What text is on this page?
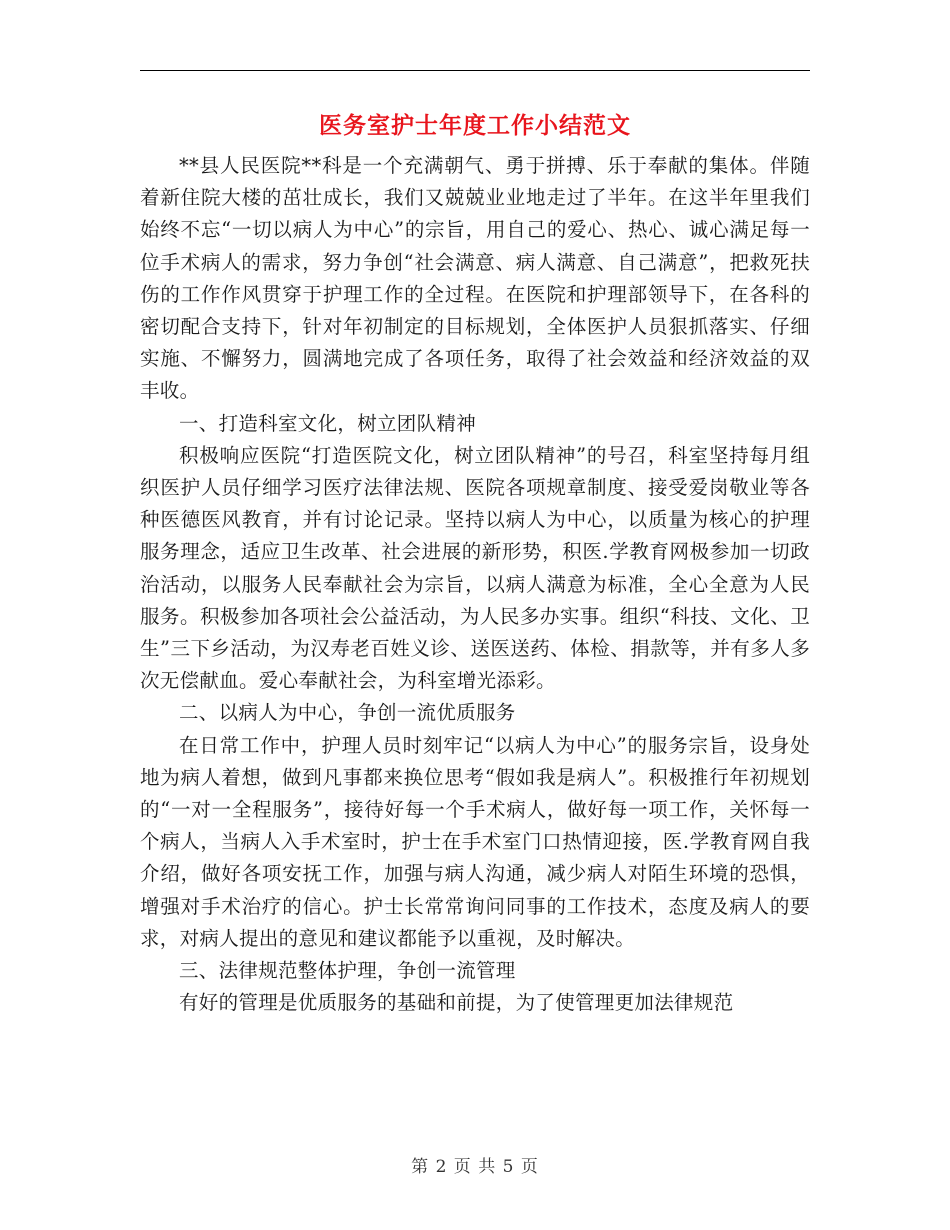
医务室护士年度工作小结范文

**县人民医院**科是一个充满朝气、勇于拼搏、乐于奉献的集体。伴随着新住院大楼的茁壮成长，我们又兢兢业业地走过了半年。在这半年里我们始终不忘“一切以病人为中心”的宗旨，用自己的爱心、热心、诚心满足每一位手术病人的需求，努力争创“社会满意、病人满意、自己满意”，把救死扶伤的工作作风贯穿于护理工作的全过程。在医院和护理部领导下，在各科的密切配合支持下，针对年初制定的目标规划，全体医护人员狠抓落实、仔细实施、不懈努力，圆满地完成了各项任务，取得了社会效益和经济效益的双丰收。

一、打造科室文化，树立团队精神

积极响应医院“打造医院文化，树立团队精神”的号召，科室坚持每月组织医护人员仔细学习医疗法律法规、医院各项规章制度、接受爱岗敬业等各种医德医风教育，并有讨论记录。坚持以病人为中心，以质量为核心的护理服务理念，适应卫生改革、社会进展的新形势，积医.学教育网极参加一切政治活动，以服务人民奉献社会为宗旨，以病人满意为标准，全心全意为人民服务。积极参加各项社会公益活动，为人民多办实事。组织“科技、文化、卫生”三下乡活动，为汉寿老百姓义诊、送医送药、体检、捐款等，并有多人多次无偿献血。爱心奉献社会，为科室增光添彩。

二、以病人为中心，争创一流优质服务

在日常工作中，护理人员时刻牢记“以病人为中心”的服务宗旨，设身处地为病人着想，做到凡事都来换位思考“假如我是病人”。积极推行年初规划的“一对一全程服务”，接待好每一个手术病人，做好每一项工作，关怀每一个病人，当病人入手术室时，护士在手术室门口热情迎接，医.学教育网自我介绍，做好各项安抚工作，加强与病人沟通，减少病人对陌生环境的恐惧，增强对手术治疗的信心。护士长常常询问同事的工作技术，态度及病人的要求，对病人提出的意见和建议都能予以重视，及时解决。

三、法律规范整体护理，争创一流管理

有好的管理是优质服务的基础和前提，为了使管理更加法律规范

第 2 页 共 5 页
